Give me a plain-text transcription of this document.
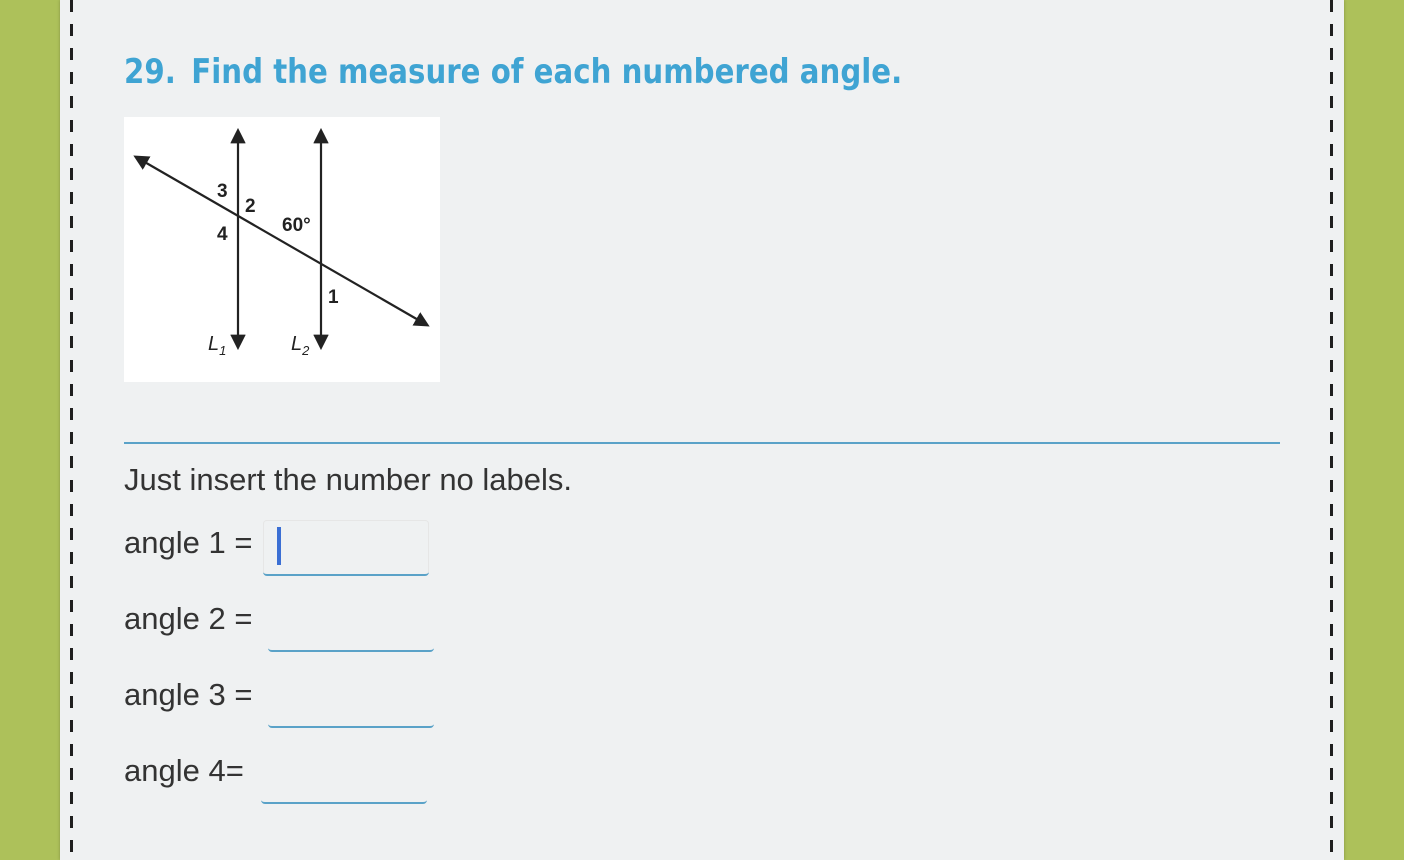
29. Find the measure of each numbered angle.
3
2
4	60°
1
$L_1$	$L_2$

Just insert the number no labels.

angle 1 =
angle 2 =
angle 3 =
angle 4=
